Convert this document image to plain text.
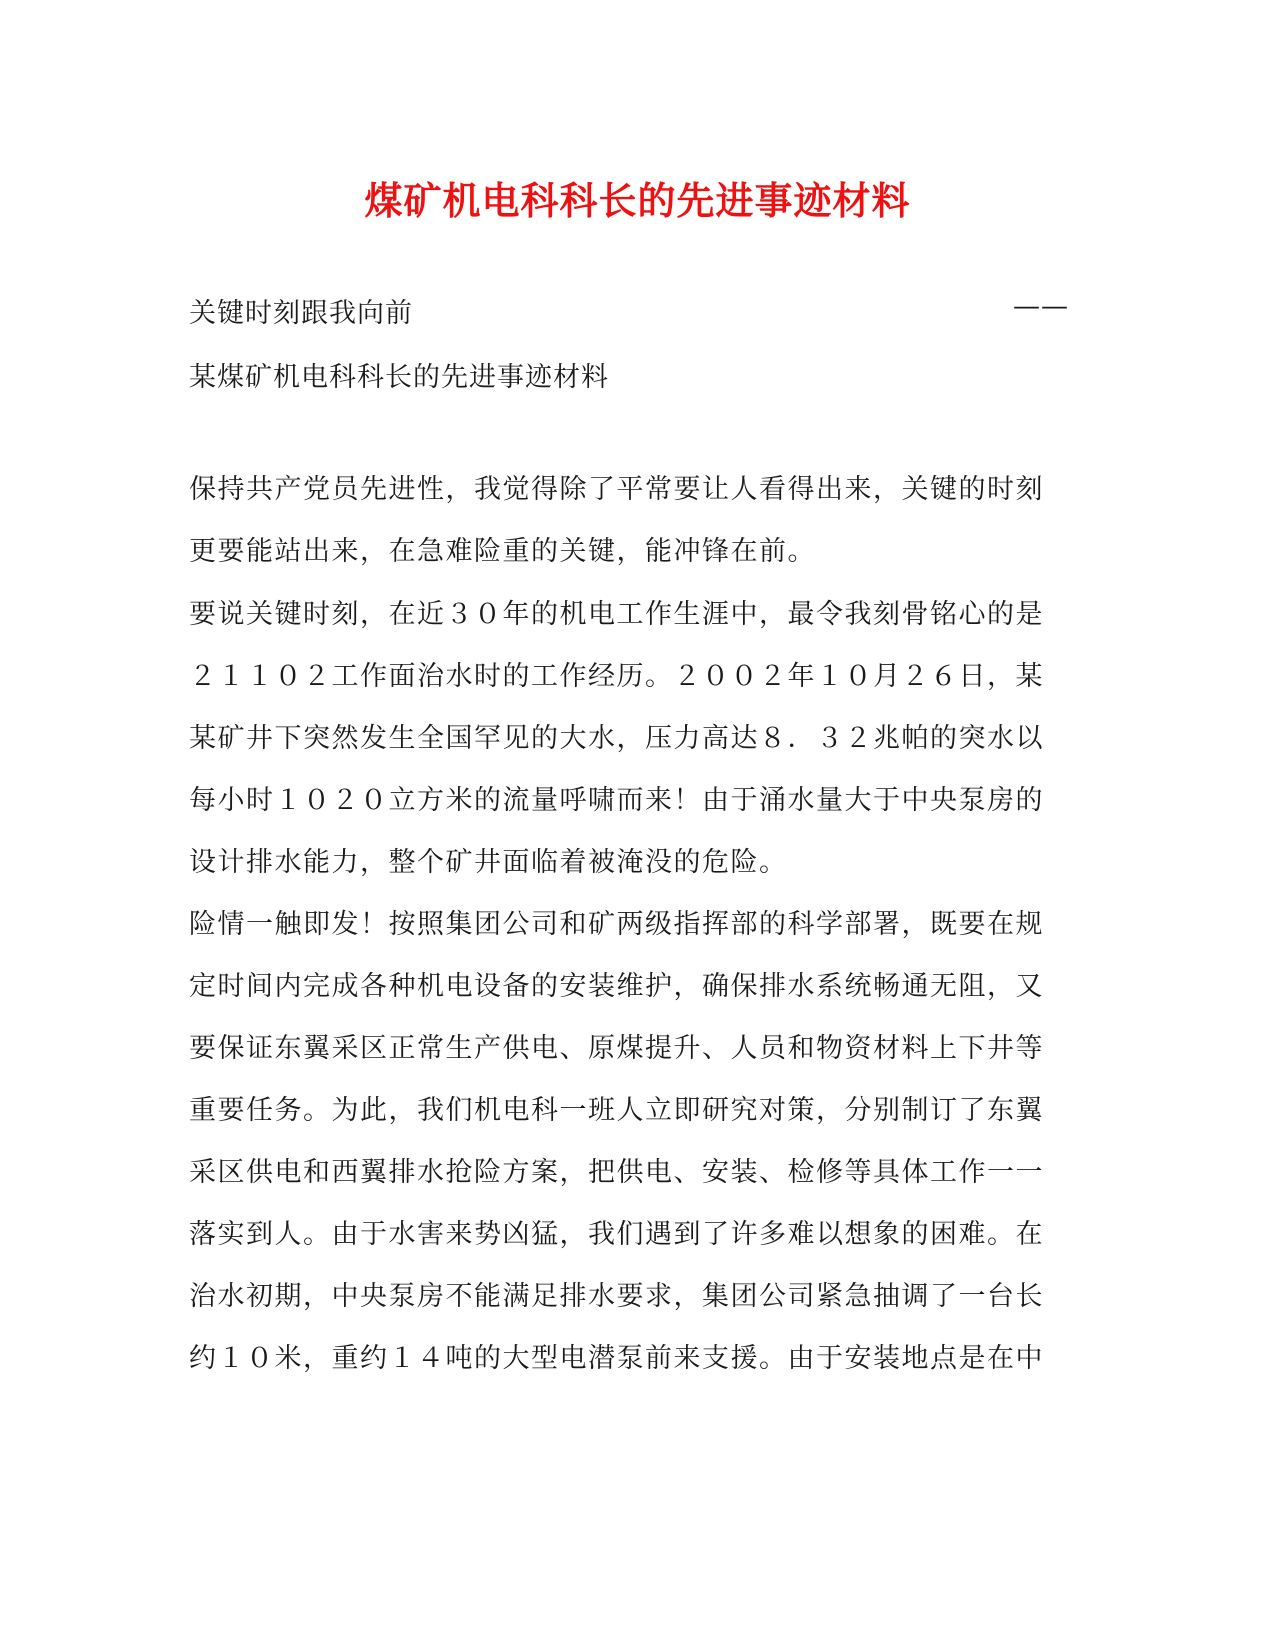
煤矿机电科科长的先进事迹材料
关键时刻跟我向前	——
某煤矿机电科科长的先进事迹材料
保持共产党员先进性，我觉得除了平常要让人看得出来，关键的时刻
更要能站出来，在急难险重的关键，能冲锋在前。
要说关键时刻，在近３０年的机电工作生涯中，最令我刻骨铭心的是
２１１０２工作面治水时的工作经历。２００２年１０月２６日，某
某矿井下突然发生全国罕见的大水，压力高达８．３２兆帕的突水以
每小时１０２０立方米的流量呼啸而来！由于涌水量大于中央泵房的
设计排水能力，整个矿井面临着被淹没的危险。
险情一触即发！按照集团公司和矿两级指挥部的科学部署，既要在规
定时间内完成各种机电设备的安装维护，确保排水系统畅通无阻，又
要保证东翼采区正常生产供电、原煤提升、人员和物资材料上下井等
重要任务。为此，我们机电科一班人立即研究对策，分别制订了东翼
采区供电和西翼排水抢险方案，把供电、安装、检修等具体工作一一
落实到人。由于水害来势凶猛，我们遇到了许多难以想象的困难。在
治水初期，中央泵房不能满足排水要求，集团公司紧急抽调了一台长
约１０米，重约１４吨的大型电潜泵前来支援。由于安装地点是在中
